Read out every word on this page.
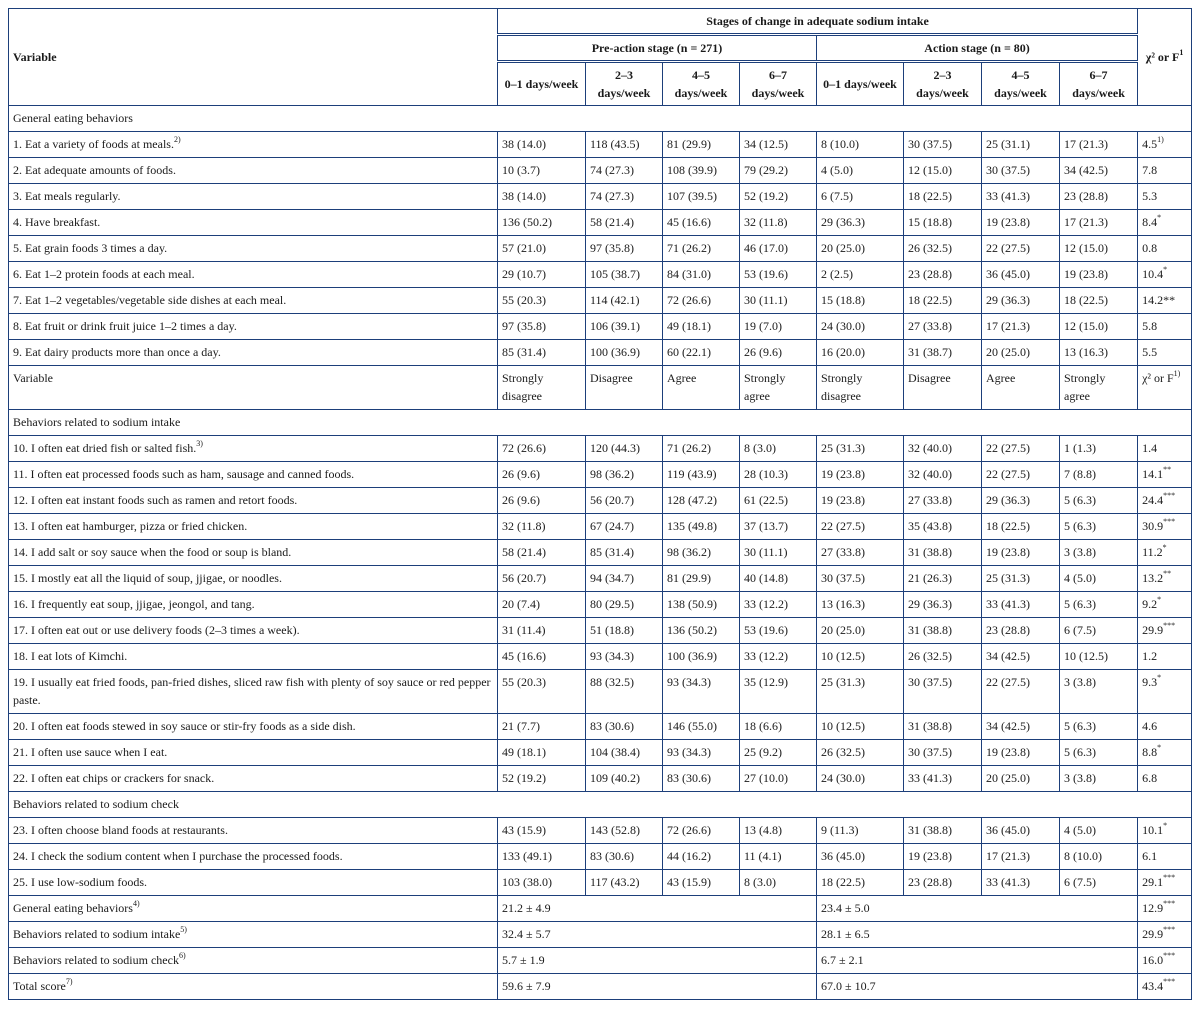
Variable	Stages of change in adequate sodium intake								χ² or $F^1$
	Pre-action stage (n = 271)				Action stage (n = 80)				
	0–1 days/week	2–3 days/week	4–5 days/week	6–7 days/week	0–1 days/week	2–3 days/week	4–5 days/week	6–7 days/week	
General eating behaviors									
1. Eat a variety of foods at meals.$^{2)}$	38 (14.0)	118 (43.5)	81 (29.9)	34 (12.5)	8 (10.0)	30 (37.5)	25 (31.1)	17 (21.3)	4.5$^{1)}$
2. Eat adequate amounts of foods.	10 (3.7)	74 (27.3)	108 (39.9)	79 (29.2)	4 (5.0)	12 (15.0)	30 (37.5)	34 (42.5)	7.8
3. Eat meals regularly.	38 (14.0)	74 (27.3)	107 (39.5)	52 (19.2)	6 (7.5)	18 (22.5)	33 (41.3)	23 (28.8)	5.3
4. Have breakfast.	136 (50.2)	58 (21.4)	45 (16.6)	32 (11.8)	29 (36.3)	15 (18.8)	19 (23.8)	17 (21.3)	8.4*
5. Eat grain foods 3 times a day.	57 (21.0)	97 (35.8)	71 (26.2)	46 (17.0)	20 (25.0)	26 (32.5)	22 (27.5)	12 (15.0)	0.8
6. Eat 1–2 protein foods at each meal.	29 (10.7)	105 (38.7)	84 (31.0)	53 (19.6)	2 (2.5)	23 (28.8)	36 (45.0)	19 (23.8)	10.4*
7. Eat 1–2 vegetables/vegetable side dishes at each meal.	55 (20.3)	114 (42.1)	72 (26.6)	30 (11.1)	15 (18.8)	18 (22.5)	29 (36.3)	18 (22.5)	14.2**
8. Eat fruit or drink fruit juice 1–2 times a day.	97 (35.8)	106 (39.1)	49 (18.1)	19 (7.0)	24 (30.0)	27 (33.8)	17 (21.3)	12 (15.0)	5.8
9. Eat dairy products more than once a day.	85 (31.4)	100 (36.9)	60 (22.1)	26 (9.6)	16 (20.0)	31 (38.7)	20 (25.0)	13 (16.3)	5.5
Variable	Strongly disagree	Disagree	Agree	Strongly agree	Strongly disagree	Disagree	Agree	Strongly agree	χ² or $F^{1)}$
Behaviors related to sodium intake									
10. I often eat dried fish or salted fish.$^{3)}$	72 (26.6)	120 (44.3)	71 (26.2)	8 (3.0)	25 (31.3)	32 (40.0)	22 (27.5)	1 (1.3)	1.4
11. I often eat processed foods such as ham, sausage and canned foods.	26 (9.6)	98 (36.2)	119 (43.9)	28 (10.3)	19 (23.8)	32 (40.0)	22 (27.5)	7 (8.8)	14.1**
12. I often eat instant foods such as ramen and retort foods.	26 (9.6)	56 (20.7)	128 (47.2)	61 (22.5)	19 (23.8)	27 (33.8)	29 (36.3)	5 (6.3)	24.4***
13. I often eat hamburger, pizza or fried chicken.	32 (11.8)	67 (24.7)	135 (49.8)	37 (13.7)	22 (27.5)	35 (43.8)	18 (22.5)	5 (6.3)	30.9***
14. I add salt or soy sauce when the food or soup is bland.	58 (21.4)	85 (31.4)	98 (36.2)	30 (11.1)	27 (33.8)	31 (38.8)	19 (23.8)	3 (3.8)	11.2*
15. I mostly eat all the liquid of soup, jjigae, or noodles.	56 (20.7)	94 (34.7)	81 (29.9)	40 (14.8)	30 (37.5)	21 (26.3)	25 (31.3)	4 (5.0)	13.2**
16. I frequently eat soup, jjigae, jeongol, and tang.	20 (7.4)	80 (29.5)	138 (50.9)	33 (12.2)	13 (16.3)	29 (36.3)	33 (41.3)	5 (6.3)	9.2*
17. I often eat out or use delivery foods (2–3 times a week).	31 (11.4)	51 (18.8)	136 (50.2)	53 (19.6)	20 (25.0)	31 (38.8)	23 (28.8)	6 (7.5)	29.9***
18. I eat lots of Kimchi.	45 (16.6)	93 (34.3)	100 (36.9)	33 (12.2)	10 (12.5)	26 (32.5)	34 (42.5)	10 (12.5)	1.2
19. I usually eat fried foods, pan-fried dishes, sliced raw fish with plenty of soy sauce or red pepper paste.	55 (20.3)	88 (32.5)	93 (34.3)	35 (12.9)	25 (31.3)	30 (37.5)	22 (27.5)	3 (3.8)	9.3*
20. I often eat foods stewed in soy sauce or stir-fry foods as a side dish.	21 (7.7)	83 (30.6)	146 (55.0)	18 (6.6)	10 (12.5)	31 (38.8)	34 (42.5)	5 (6.3)	4.6
21. I often use sauce when I eat.	49 (18.1)	104 (38.4)	93 (34.3)	25 (9.2)	26 (32.5)	30 (37.5)	19 (23.8)	5 (6.3)	8.8*
22. I often eat chips or crackers for snack.	52 (19.2)	109 (40.2)	83 (30.6)	27 (10.0)	24 (30.0)	33 (41.3)	20 (25.0)	3 (3.8)	6.8
Behaviors related to sodium check									
23. I often choose bland foods at restaurants.	43 (15.9)	143 (52.8)	72 (26.6)	13 (4.8)	9 (11.3)	31 (38.8)	36 (45.0)	4 (5.0)	10.1*
24. I check the sodium content when I purchase the processed foods.	133 (49.1)	83 (30.6)	44 (16.2)	11 (4.1)	36 (45.0)	19 (23.8)	17 (21.3)	8 (10.0)	6.1
25. I use low-sodium foods.	103 (38.0)	117 (43.2)	43 (15.9)	8 (3.0)	18 (22.5)	23 (28.8)	33 (41.3)	6 (7.5)	29.1***
General eating behaviors$^{4)}$	21.2 ± 4.9				23.4 ± 5.0				12.9***
Behaviors related to sodium intake$^{5)}$	32.4 ± 5.7				28.1 ± 6.5				29.9***
Behaviors related to sodium check$^{6)}$	5.7 ± 1.9				6.7 ± 2.1				16.0***
Total score$^{7)}$	59.6 ± 7.9				67.0 ± 10.7				43.4***
